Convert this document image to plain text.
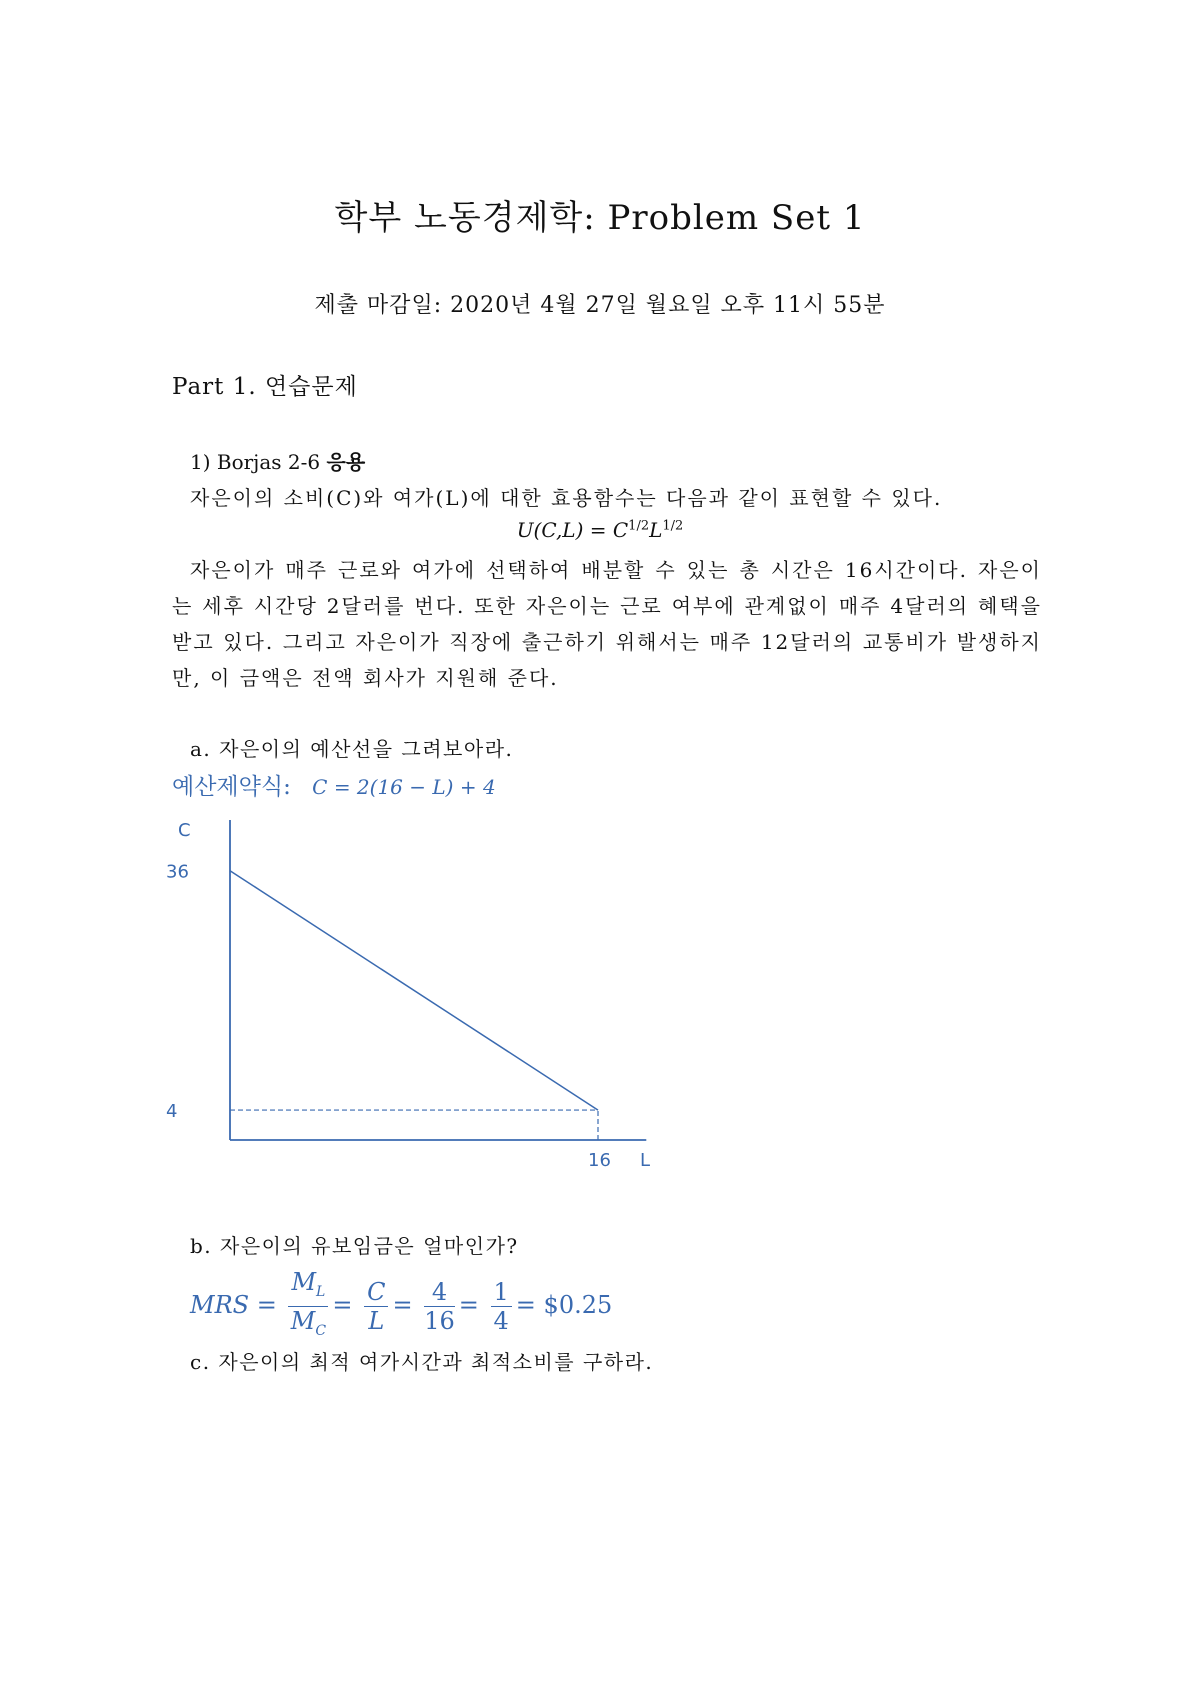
학부 노동경제학: Problem Set 1
제출 마감일: 2020년 4월 27일 월요일 오후 11시 55분
Part 1. 연습문제
1) Borjas 2-6 응용
자은이의 소비(C)와 여가(L)에 대한 효용함수는 다음과 같이 표현할 수 있다.
$U(C,L) = C^{1/2}L^{1/2}$
자은이가 매주 근로와 여가에 선택하여 배분할 수 있는 총 시간은 16시간이다. 자은이는 세후 시간당 2달러를 번다. 또한 자은이는 근로 여부에 관계없이 매주 4달러의 혜택을 받고 있다. 그리고 자은이가 직장에 출근하기 위해서는 매주 12달러의 교통비가 발생하지만, 이 금액은 전액 회사가 지원해 준다.
a. 자은이의 예산선을 그려보아라.
예산제약식: C = 2(16 − L) + 4
C
L
36
4
16
b. 자은이의 유보임금은 얼마인가?
MRS = $\frac{M_L}{M_C} = \frac{C}{L} = \frac{4}{16} = \frac{1}{4}$ = $0.25
c. 자은이의 최적 여가시간과 최적소비를 구하라.
